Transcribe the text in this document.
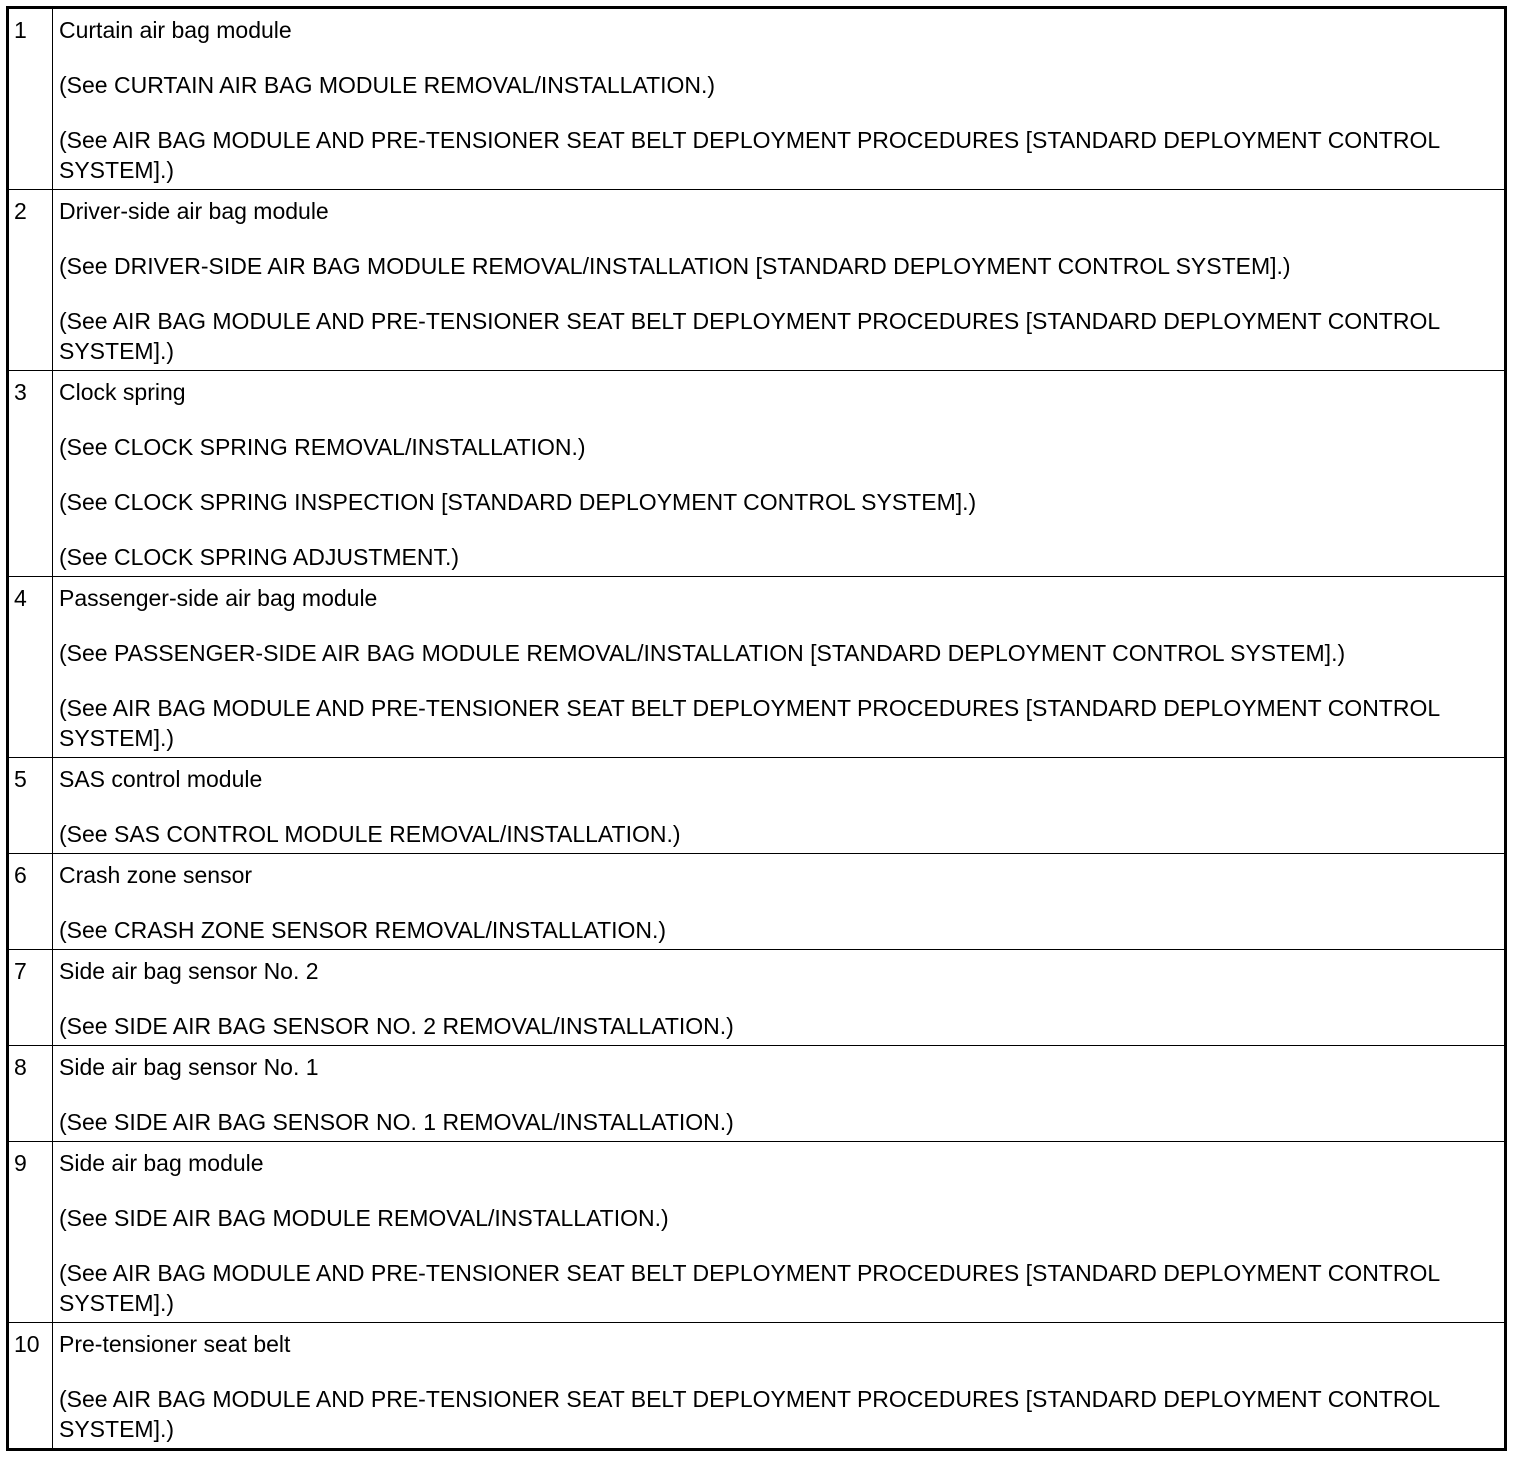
1	Curtain air bag module

(See CURTAIN AIR BAG MODULE REMOVAL/INSTALLATION.)

(See AIR BAG MODULE AND PRE-TENSIONER SEAT BELT DEPLOYMENT PROCEDURES [STANDARD DEPLOYMENT CONTROL SYSTEM].)

2	Driver-side air bag module

(See DRIVER-SIDE AIR BAG MODULE REMOVAL/INSTALLATION [STANDARD DEPLOYMENT CONTROL SYSTEM].)

(See AIR BAG MODULE AND PRE-TENSIONER SEAT BELT DEPLOYMENT PROCEDURES [STANDARD DEPLOYMENT CONTROL SYSTEM].)

3	Clock spring

(See CLOCK SPRING REMOVAL/INSTALLATION.)

(See CLOCK SPRING INSPECTION [STANDARD DEPLOYMENT CONTROL SYSTEM].)

(See CLOCK SPRING ADJUSTMENT.)

4	Passenger-side air bag module

(See PASSENGER-SIDE AIR BAG MODULE REMOVAL/INSTALLATION [STANDARD DEPLOYMENT CONTROL SYSTEM].)

(See AIR BAG MODULE AND PRE-TENSIONER SEAT BELT DEPLOYMENT PROCEDURES [STANDARD DEPLOYMENT CONTROL SYSTEM].)

5	SAS control module

(See SAS CONTROL MODULE REMOVAL/INSTALLATION.)

6	Crash zone sensor

(See CRASH ZONE SENSOR REMOVAL/INSTALLATION.)

7	Side air bag sensor No. 2

(See SIDE AIR BAG SENSOR NO. 2 REMOVAL/INSTALLATION.)

8	Side air bag sensor No. 1

(See SIDE AIR BAG SENSOR NO. 1 REMOVAL/INSTALLATION.)

9	Side air bag module

(See SIDE AIR BAG MODULE REMOVAL/INSTALLATION.)

(See AIR BAG MODULE AND PRE-TENSIONER SEAT BELT DEPLOYMENT PROCEDURES [STANDARD DEPLOYMENT CONTROL SYSTEM].)

10	Pre-tensioner seat belt

(See AIR BAG MODULE AND PRE-TENSIONER SEAT BELT DEPLOYMENT PROCEDURES [STANDARD DEPLOYMENT CONTROL SYSTEM].)
